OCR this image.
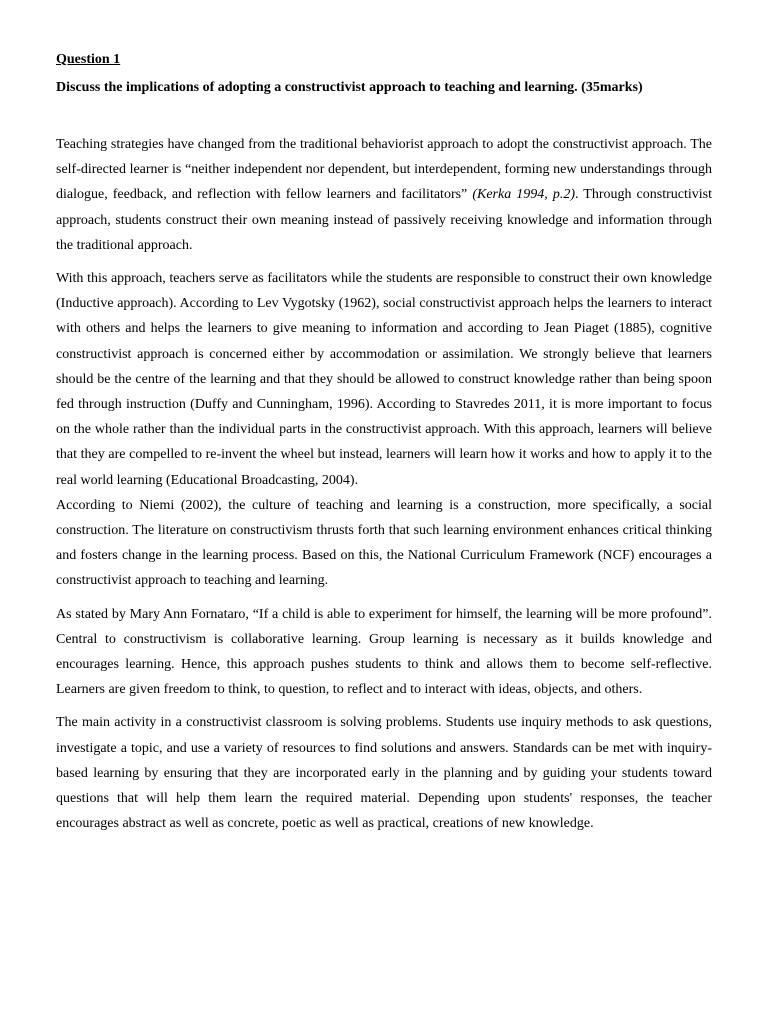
Question 1
Discuss the implications of adopting a constructivist approach to teaching and learning. (35marks)

Teaching strategies have changed from the traditional behaviorist approach to adopt the constructivist approach. The self-directed learner is “neither independent nor dependent, but interdependent, forming new understandings through dialogue, feedback, and reflection with fellow learners and facilitators” (Kerka 1994, p.2). Through constructivist approach, students construct their own meaning instead of passively receiving knowledge and information through the traditional approach.

With this approach, teachers serve as facilitators while the students are responsible to construct their own knowledge (Inductive approach). According to Lev Vygotsky (1962), social constructivist approach helps the learners to interact with others and helps the learners to give meaning to information and according to Jean Piaget (1885), cognitive constructivist approach is concerned either by accommodation or assimilation. We strongly believe that learners should be the centre of the learning and that they should be allowed to construct knowledge rather than being spoon fed through instruction (Duffy and Cunningham, 1996). According to Stavredes 2011, it is more important to focus on the whole rather than the individual parts in the constructivist approach. With this approach, learners will believe that they are compelled to re-invent the wheel but instead, learners will learn how it works and how to apply it to the real world learning (Educational Broadcasting, 2004).

According to Niemi (2002), the culture of teaching and learning is a construction, more specifically, a social construction. The literature on constructivism thrusts forth that such learning environment enhances critical thinking and fosters change in the learning process. Based on this, the National Curriculum Framework (NCF) encourages a constructivist approach to teaching and learning.

As stated by Mary Ann Fornataro, “If a child is able to experiment for himself, the learning will be more profound”. Central to constructivism is collaborative learning. Group learning is necessary as it builds knowledge and encourages learning. Hence, this approach pushes students to think and allows them to become self-reflective. Learners are given freedom to think, to question, to reflect and to interact with ideas, objects, and others.

The main activity in a constructivist classroom is solving problems. Students use inquiry methods to ask questions, investigate a topic, and use a variety of resources to find solutions and answers. Standards can be met with inquiry-based learning by ensuring that they are incorporated early in the planning and by guiding your students toward questions that will help them learn the required material. Depending upon students' responses, the teacher encourages abstract as well as concrete, poetic as well as practical, creations of new knowledge.
